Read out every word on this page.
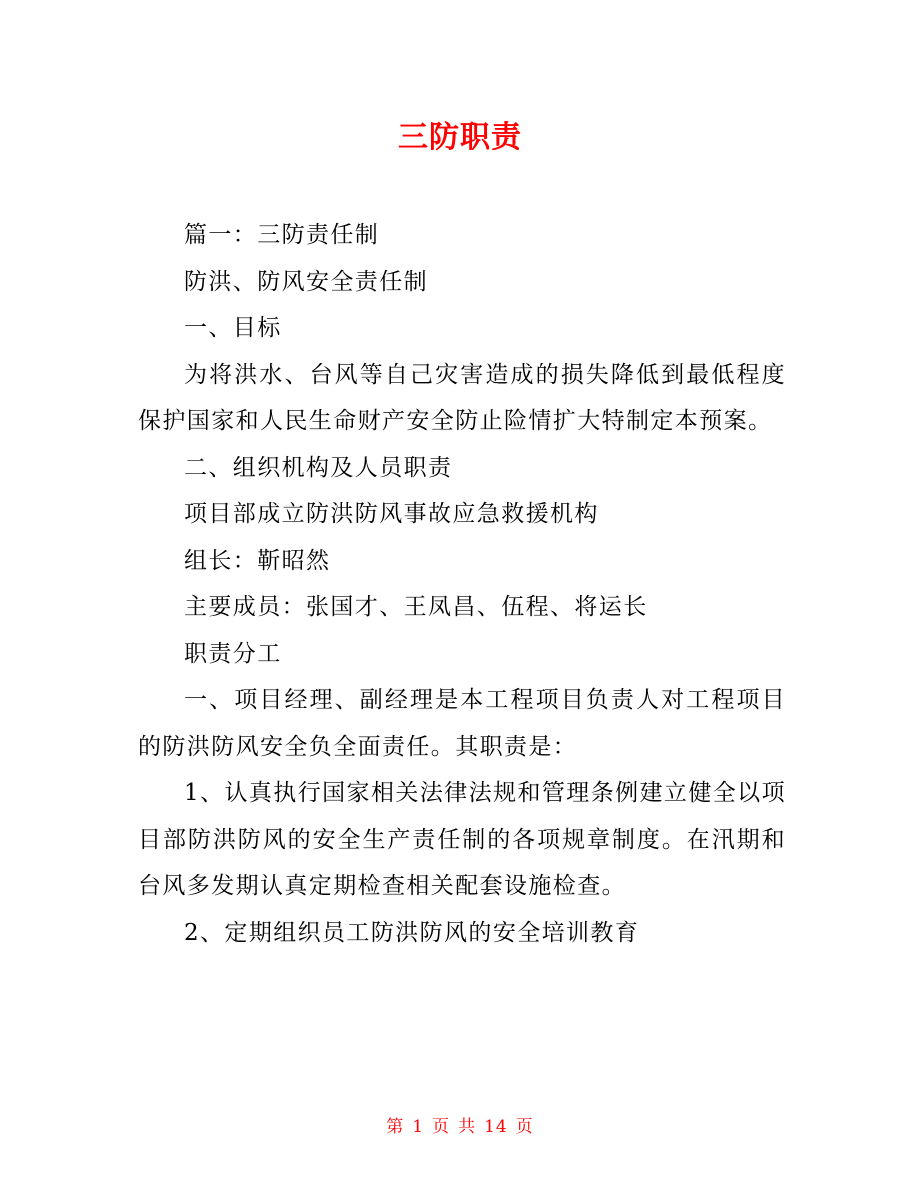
三防职责

篇一：三防责任制

防洪、防风安全责任制

一、目标

为将洪水、台风等自己灾害造成的损失降低到最低程度保护国家和人民生命财产安全防止险情扩大特制定本预案。

二、组织机构及人员职责

项目部成立防洪防风事故应急救援机构

组长：靳昭然

主要成员：张国才、王凤昌、伍程、将运长

职责分工

一、项目经理、副经理是本工程项目负责人对工程项目的防洪防风安全负全面责任。其职责是：

1、认真执行国家相关法律法规和管理条例建立健全以项目部防洪防风的安全生产责任制的各项规章制度。在汛期和台风多发期认真定期检查相关配套设施检查。

2、定期组织员工防洪防风的安全培训教育

第 1 页 共 14 页
